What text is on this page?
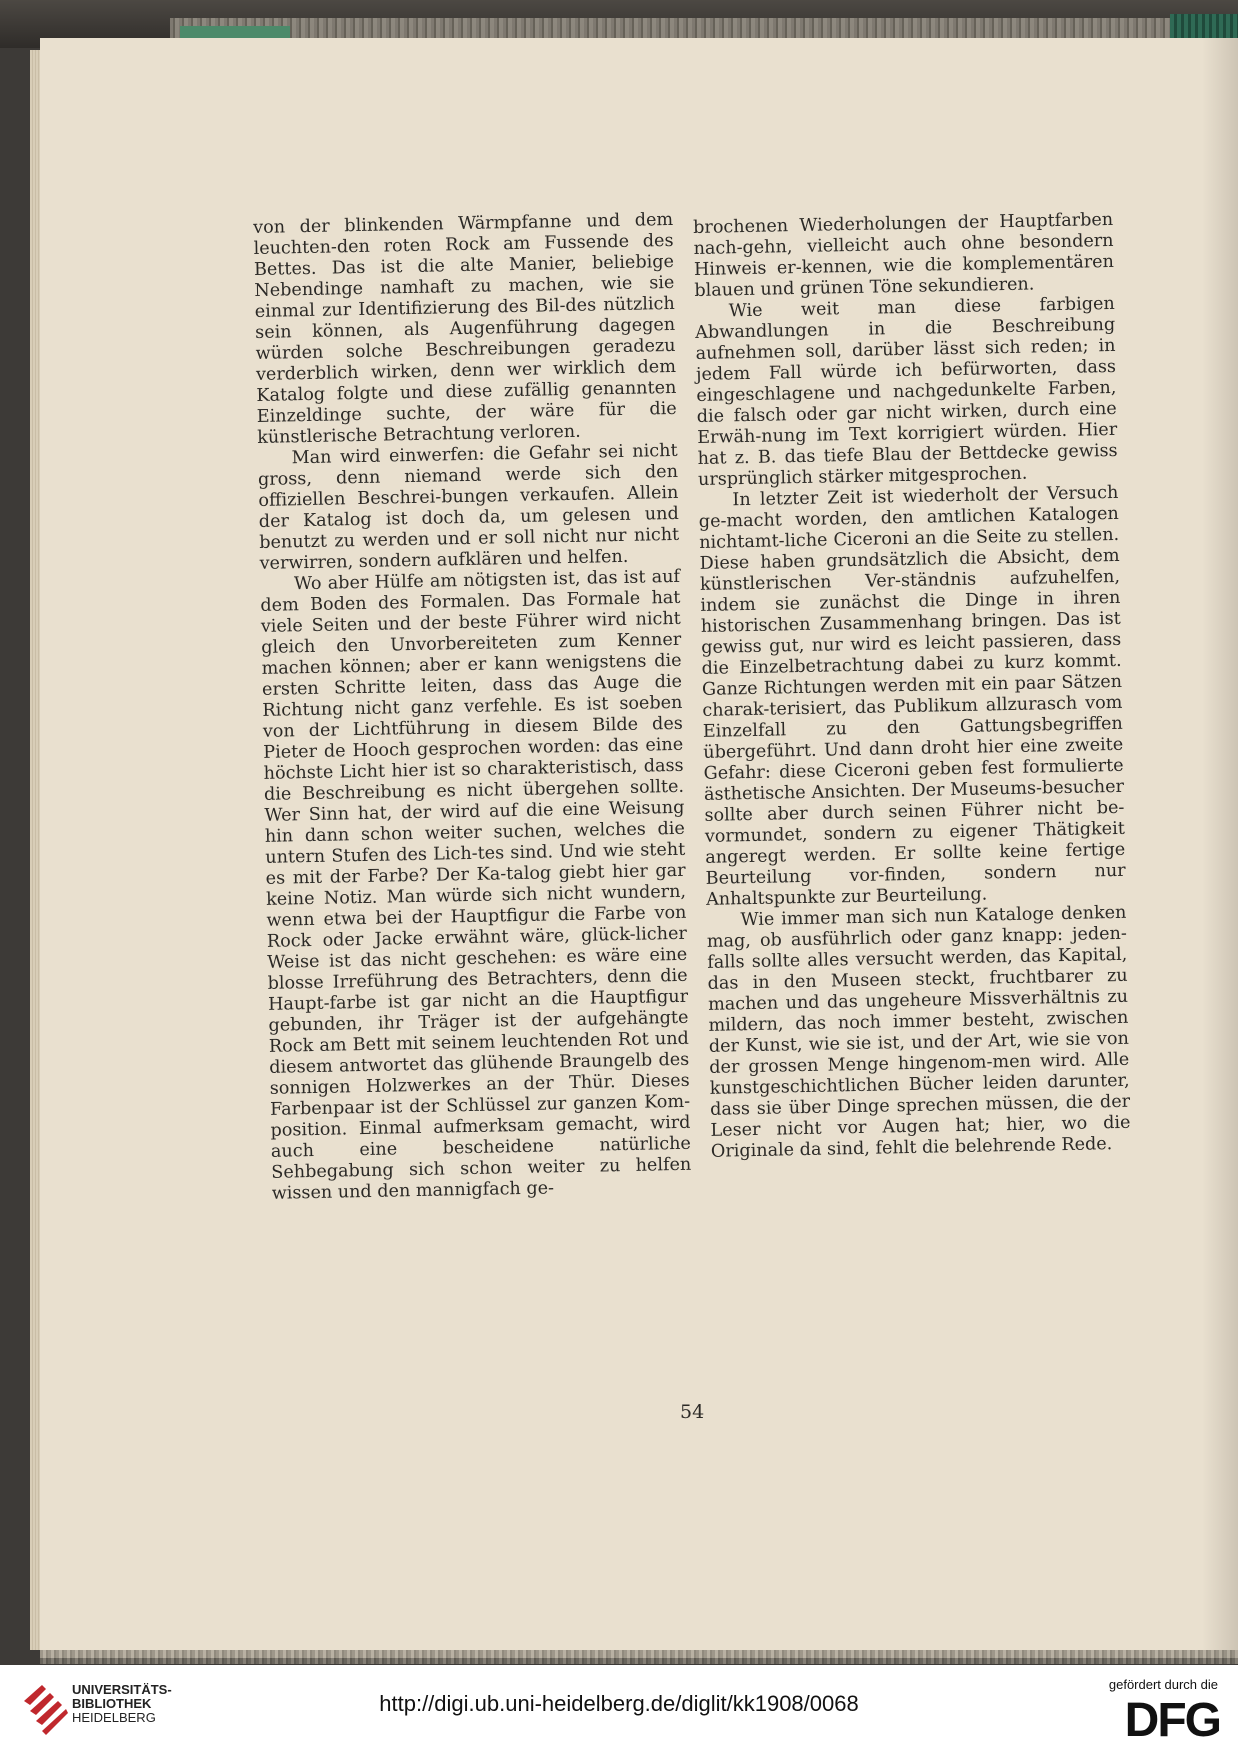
von der blinkenden Wärmpfanne und dem leuchten-den roten Rock am Fussende des Bettes. Das ist die alte Manier, beliebige Nebendinge namhaft zu machen, wie sie einmal zur Identifizierung des Bil-des nützlich sein können, als Augenführung dagegen würden solche Beschreibungen geradezu verderblich wirken, denn wer wirklich dem Katalog folgte und diese zufällig genannten Einzeldinge suchte, der wäre für die künstlerische Betrachtung verloren.

Man wird einwerfen: die Gefahr sei nicht gross, denn niemand werde sich den offiziellen Beschrei-bungen verkaufen. Allein der Katalog ist doch da, um gelesen und benutzt zu werden und er soll nicht nur nicht verwirren, sondern aufklären und helfen.

Wo aber Hülfe am nötigsten ist, das ist auf dem Boden des Formalen. Das Formale hat viele Seiten und der beste Führer wird nicht gleich den Unvorbereiteten zum Kenner machen können; aber er kann wenigstens die ersten Schritte leiten, dass das Auge die Richtung nicht ganz verfehle. Es ist soeben von der Lichtführung in diesem Bilde des Pieter de Hooch gesprochen worden: das eine höchste Licht hier ist so charakteristisch, dass die Beschreibung es nicht übergehen sollte. Wer Sinn hat, der wird auf die eine Weisung hin dann schon weiter suchen, welches die untern Stufen des Lich-tes sind. Und wie steht es mit der Farbe? Der Ka-talog giebt hier gar keine Notiz. Man würde sich nicht wundern, wenn etwa bei der Hauptfigur die Farbe von Rock oder Jacke erwähnt wäre, glück-licher Weise ist das nicht geschehen: es wäre eine blosse Irreführung des Betrachters, denn die Haupt-farbe ist gar nicht an die Hauptfigur gebunden, ihr Träger ist der aufgehängte Rock am Bett mit seinem leuchtenden Rot und diesem antwortet das glühende Braungelb des sonnigen Holzwerkes an der Thür. Dieses Farbenpaar ist der Schlüssel zur ganzen Kom-position. Einmal aufmerksam gemacht, wird auch eine bescheidene natürliche Sehbegabung sich schon weiter zu helfen wissen und den mannigfach ge-

brochenen Wiederholungen der Hauptfarben nach-gehn, vielleicht auch ohne besondern Hinweis er-kennen, wie die komplementären blauen und grünen Töne sekundieren.

Wie weit man diese farbigen Abwandlungen in die Beschreibung aufnehmen soll, darüber lässt sich reden; in jedem Fall würde ich befürworten, dass eingeschlagene und nachgedunkelte Farben, die falsch oder gar nicht wirken, durch eine Erwäh-nung im Text korrigiert würden. Hier hat z. B. das tiefe Blau der Bettdecke gewiss ursprünglich stärker mitgesprochen.

In letzter Zeit ist wiederholt der Versuch ge-macht worden, den amtlichen Katalogen nichtamt-liche Ciceroni an die Seite zu stellen. Diese haben grundsätzlich die Absicht, dem künstlerischen Ver-ständnis aufzuhelfen, indem sie zunächst die Dinge in ihren historischen Zusammenhang bringen. Das ist gewiss gut, nur wird es leicht passieren, dass die Einzelbetrachtung dabei zu kurz kommt. Ganze Richtungen werden mit ein paar Sätzen charak-terisiert, das Publikum allzurasch vom Einzelfall zu den Gattungsbegriffen übergeführt. Und dann droht hier eine zweite Gefahr: diese Ciceroni geben fest formulierte ästhetische Ansichten. Der Museums-besucher sollte aber durch seinen Führer nicht be-vormundet, sondern zu eigener Thätigkeit angeregt werden. Er sollte keine fertige Beurteilung vor-finden, sondern nur Anhaltspunkte zur Beurteilung.

Wie immer man sich nun Kataloge denken mag, ob ausführlich oder ganz knapp: jeden-falls sollte alles versucht werden, das Kapital, das in den Museen steckt, fruchtbarer zu machen und das ungeheure Missverhältnis zu mildern, das noch immer besteht, zwischen der Kunst, wie sie ist, und der Art, wie sie von der grossen Menge hingenom-men wird. Alle kunstgeschichtlichen Bücher leiden darunter, dass sie über Dinge sprechen müssen, die der Leser nicht vor Augen hat; hier, wo die Originale da sind, fehlt die belehrende Rede.

54
UNIVERSITÄTS-
BIBLIOTHEK
HEIDELBERG
http://digi.ub.uni-heidelberg.de/diglit/kk1908/0068
gefördert durch die
DFG
